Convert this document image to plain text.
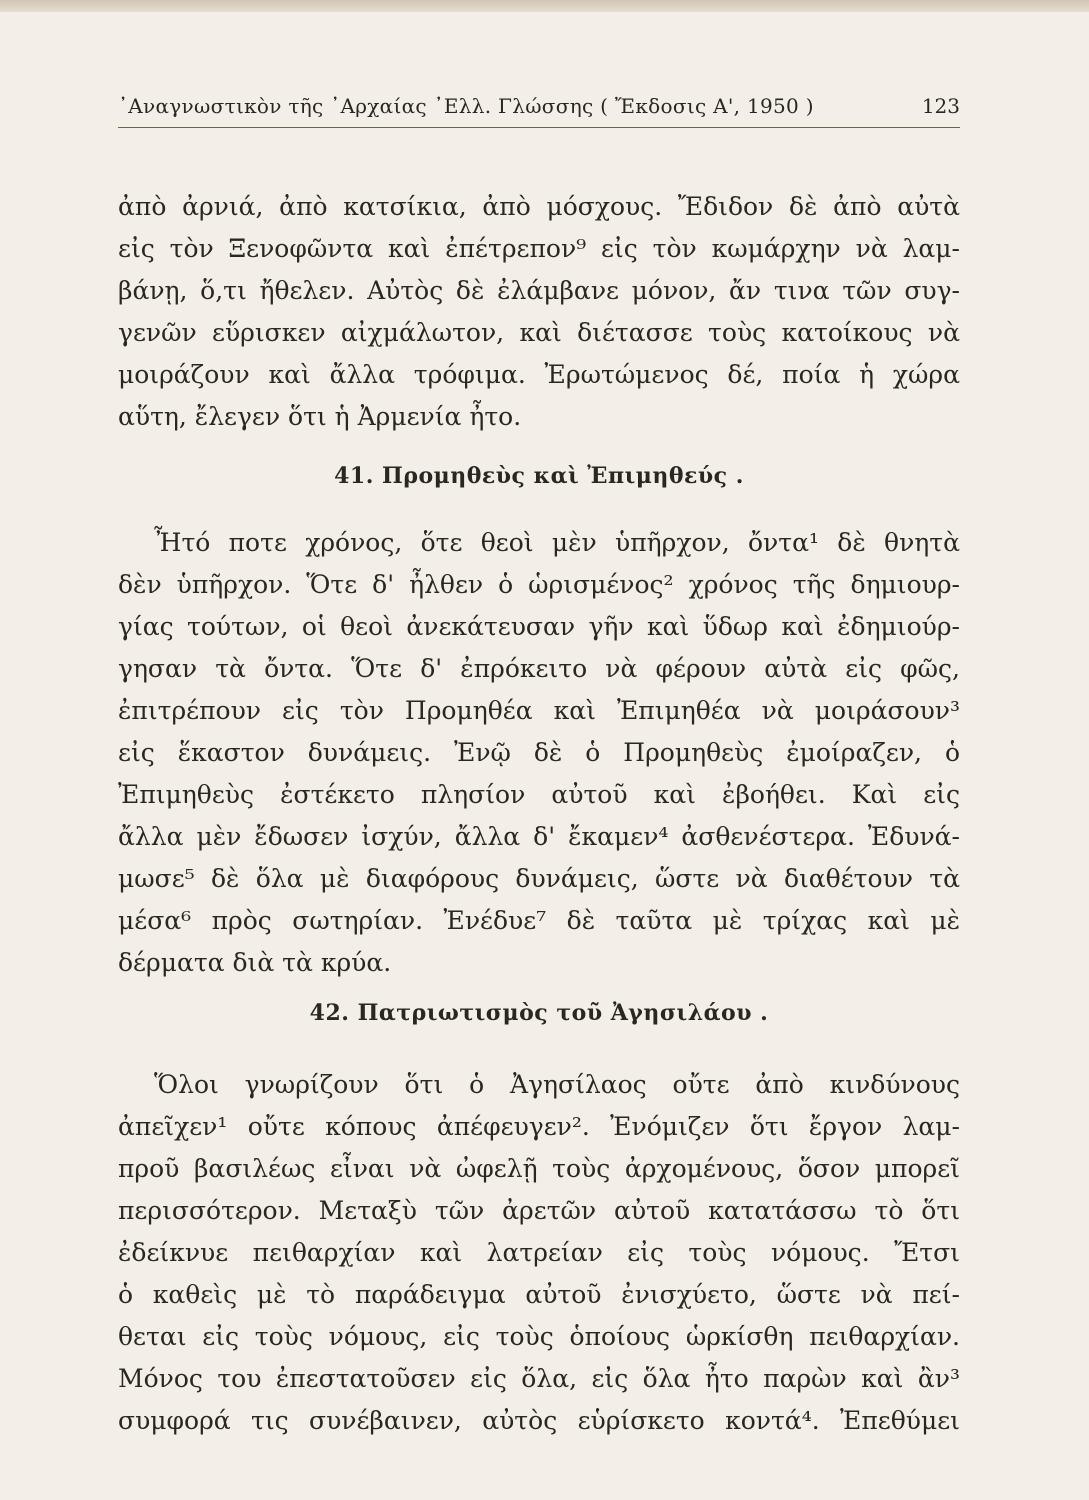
᾽Αναγνωστικὸν τῆς ᾽Αρχαίας ᾽Ελλ. Γλώσσης ( Ἔκδοσις Α', 1950 )	123
ἀπὸ ἀρνιά, ἀπὸ κατσίκια, ἀπὸ μόσχους. Ἔδιδον δὲ ἀπὸ αὐτὰ
εἰς τὸν Ξενοφῶντα καὶ ἐπέτρεπον⁹ εἰς τὸν κωμάρχην νὰ λαμ-
βάνῃ, ὅ,τι ἤθελεν. Αὐτὸς δὲ ἐλάμβανε μόνον, ἄν τινα τῶν συγ-
γενῶν εὕρισκεν αἰχμάλωτον, καὶ διέτασσε τοὺς κατοίκους νὰ
μοιράζουν καὶ ἄλλα τρόφιμα. Ἐρωτώμενος δέ, ποία ἡ χώρα
αὕτη, ἔλεγεν ὅτι ἡ Ἀρμενία ἦτο.
41. Προμηθεὺς καὶ Ἐπιμηθεύς .
Ἦτό ποτε χρόνος, ὅτε θεοὶ μὲν ὑπῆρχον, ὄντα¹ δὲ θνητὰ
δὲν ὑπῆρχον. Ὅτε δ' ἦλθεν ὁ ὡρισμένος² χρόνος τῆς δημιουρ-
γίας τούτων, οἱ θεοὶ ἀνεκάτευσαν γῆν καὶ ὕδωρ καὶ ἐδημιούρ-
γησαν τὰ ὄντα. Ὅτε δ' ἐπρόκειτο νὰ φέρουν αὐτὰ εἰς φῶς,
ἐπιτρέπουν εἰς τὸν Προμηθέα καὶ Ἐπιμηθέα νὰ μοιράσουν³
εἰς ἕκαστον δυνάμεις. Ἐνῷ δὲ ὁ Προμηθεὺς ἐμοίραζεν, ὁ
Ἐπιμηθεὺς ἐστέκετο πλησίον αὐτοῦ καὶ ἐβοήθει. Καὶ εἰς
ἄλλα μὲν ἔδωσεν ἰσχύν, ἄλλα δ' ἔκαμεν⁴ ἀσθενέστερα. Ἐδυνά-
μωσε⁵ δὲ ὅλα μὲ διαφόρους δυνάμεις, ὥστε νὰ διαθέτουν τὰ
μέσα⁶ πρὸς σωτηρίαν. Ἐνέδυε⁷ δὲ ταῦτα μὲ τρίχας καὶ μὲ
δέρματα διὰ τὰ κρύα.
42. Πατριωτισμὸς τοῦ Ἀγησιλάου .
Ὅλοι γνωρίζουν ὅτι ὁ Ἀγησίλαος οὔτε ἀπὸ κινδύνους
ἀπεῖχεν¹ οὔτε κόπους ἀπέφευγεν². Ἐνόμιζεν ὅτι ἔργον λαμ-
προῦ βασιλέως εἶναι νὰ ὠφελῇ τοὺς ἀρχομένους, ὅσον μπορεῖ
περισσότερον. Μεταξὺ τῶν ἀρετῶν αὐτοῦ κατατάσσω τὸ ὅτι
ἐδείκνυε πειθαρχίαν καὶ λατρείαν εἰς τοὺς νόμους. Ἔτσι
ὁ καθεὶς μὲ τὸ παράδειγμα αὐτοῦ ἐνισχύετο, ὥστε νὰ πεί-
θεται εἰς τοὺς νόμους, εἰς τοὺς ὁποίους ὡρκίσθη πειθαρχίαν.
Μόνος του ἐπεστατοῦσεν εἰς ὅλα, εἰς ὅλα ἦτο παρὼν καὶ ἂν³
συμφορά τις συνέβαινεν, αὐτὸς εὑρίσκετο κοντά⁴. Ἐπεθύμει
